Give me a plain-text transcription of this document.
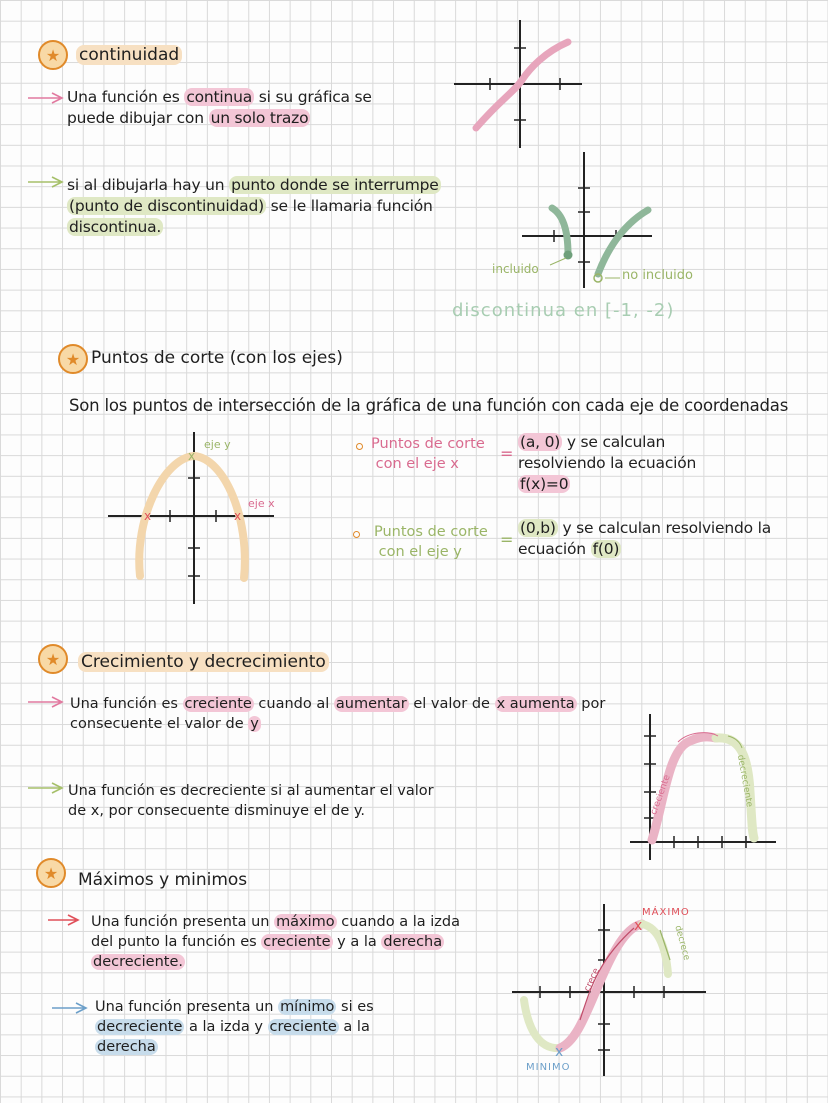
★	continuidad
Una función es continua si su gráfica se
puede dibujar con un solo trazo
si al dibujarla hay un punto donde se interrumpe
(punto de discontinuidad) se le llamaria función
discontinua.
incluido	no incluido
discontinua en [-1, -2)
★ Puntos de corte (con los ejes)
Son los puntos de intersección de la gráfica de una función con cada eje de coordenadas
x	x
x
eje y
eje x
Puntos de corte
con el eje x
=
(a, 0) y se calculan
resolviendo la ecuación
f(x)=0
Puntos de corte
con el eje y
=
(0,b) y se calculan resolviendo la
ecuación f(0)
★	Crecimiento y decrecimiento
Una función es creciente cuando al aumentar el valor de x aumenta por
consecuente el valor de y
Una función es decreciente si al aumentar el valor
de x, por consecuente disminuye el de y.	creciente	decreciente
★	Máximos y minimos
Una función presenta un máximo cuando a la izda
del punto la función es creciente y a la derecha
decreciente.
Una función presenta un mínimo si es
decreciente a la izda y creciente a la
derecha
x
x
MÁXIMO
MINIMO
crece
decrece
